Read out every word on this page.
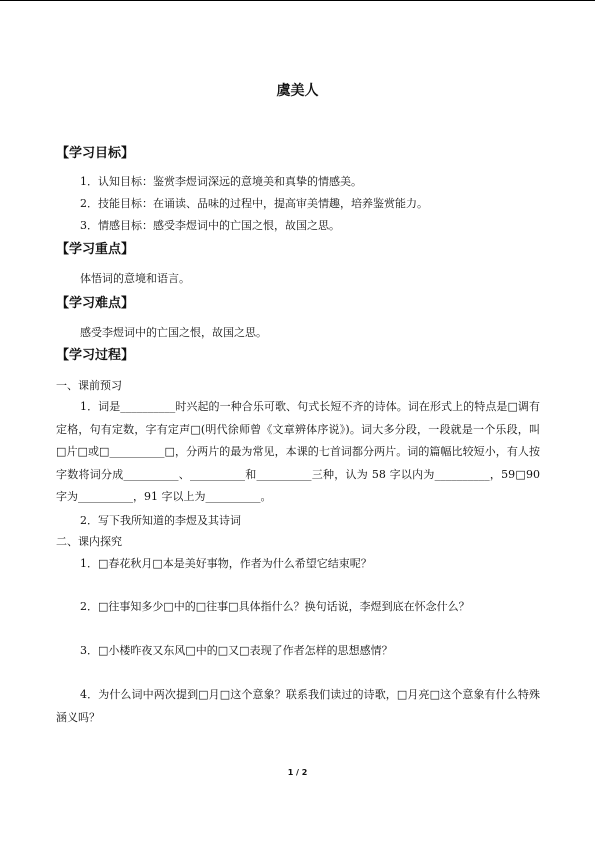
虞美人
【学习目标】
1．认知目标：鉴赏李煜词深远的意境美和真挚的情感美。
2．技能目标：在诵读、品味的过程中，提高审美情趣，培养鉴赏能力。
3．情感目标：感受李煜词中的亡国之恨，故国之思。
【学习重点】
体悟词的意境和语言。
【学习难点】
感受李煜词中的亡国之恨，故国之思。
【学习过程】
一、课前预习

1．词是__________时兴起的一种合乐可歌、句式长短不齐的诗体。词在形式上的特点是□调有定格，句有定数，字有定声□(明代徐师曾《文章辨体序说》)。词大多分段，一段就是一个乐段，叫□片□或□__________□，分两片的最为常见，本课的七首词都分两片。词的篇幅比较短小，有人按字数将词分成__________、__________和__________三种，认为 58 字以内为__________，59□90 字为__________，91 字以上为__________。

2．写下我所知道的李煜及其诗词
二、课内探究
1．□春花秋月□本是美好事物，作者为什么希望它结束呢？
2．□往事知多少□中的□往事□具体指什么？换句话说，李煜到底在怀念什么？
3．□小楼昨夜又东风□中的□又□表现了作者怎样的思想感情？

4．为什么词中两次提到□月□这个意象？联系我们读过的诗歌，□月亮□这个意象有什么特殊涵义吗？

1 / 2
